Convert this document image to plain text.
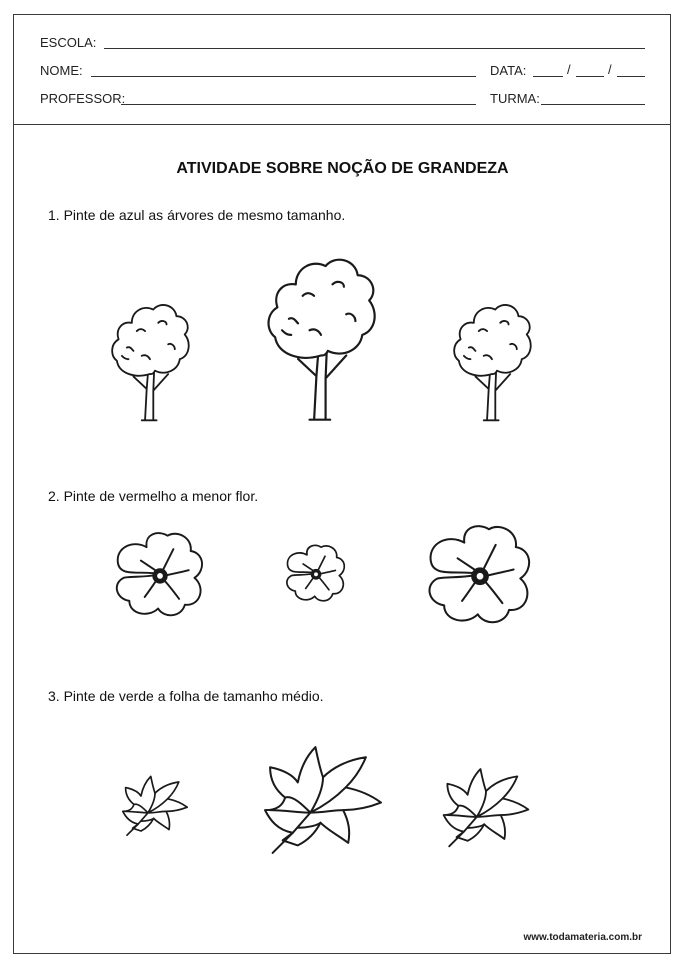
ESCOLA:
NOME:	DATA:	/	/
PROFESSOR:	TURMA:
ATIVIDADE SOBRE NOÇÃO DE GRANDEZA
1. Pinte de azul as árvores de mesmo tamanho.
2. Pinte de vermelho a menor flor.
3. Pinte de verde a folha de tamanho médio.
www.todamateria.com.br
